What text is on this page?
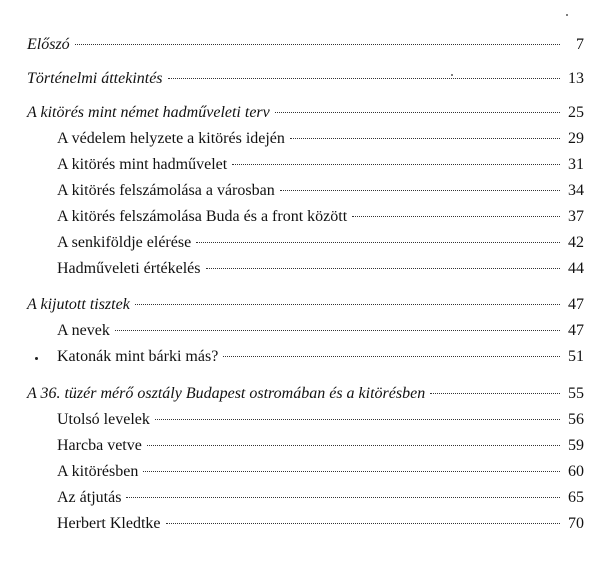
Előszó	7
Történelmi áttekintés	13
A kitörés mint német hadműveleti terv	25
A védelem helyzete a kitörés idején	29
A kitörés mint hadművelet	31
A kitörés felszámolása a városban	34
A kitörés felszámolása Buda és a front között	37
A senkiföldje elérése	42
Hadműveleti értékelés	44
A kijutott tisztek	47
A nevek	47
Katonák mint bárki más?	51
A 36. tüzér mérő osztály Budapest ostromában és a kitörésben	55
Utolsó levelek	56
Harcba vetve	59
A kitörésben	60
Az átjutás	65
Herbert Kledtke	70
